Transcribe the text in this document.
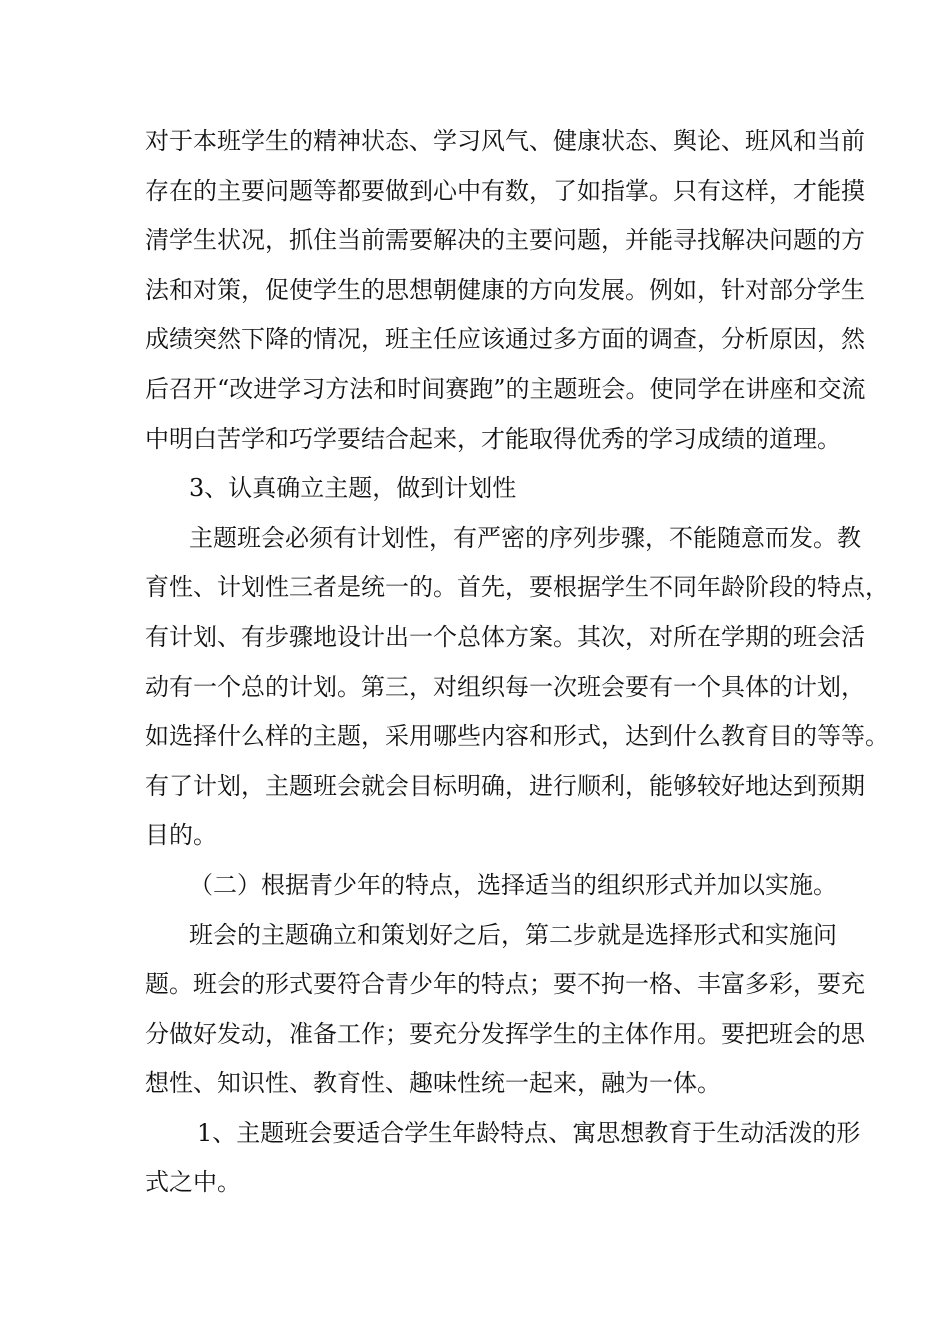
对于本班学生的精神状态、学习风气、健康状态、舆论、班风和当前

存在的主要问题等都要做到心中有数，了如指掌。只有这样，才能摸

清学生状况，抓住当前需要解决的主要问题，并能寻找解决问题的方

法和对策，促使学生的思想朝健康的方向发展。例如，针对部分学生

成绩突然下降的情况，班主任应该通过多方面的调查，分析原因，然

后召开“改进学习方法和时间赛跑”的主题班会。使同学在讲座和交流

中明白苦学和巧学要结合起来，才能取得优秀的学习成绩的道理。

3、认真确立主题，做到计划性

主题班会必须有计划性，有严密的序列步骤，不能随意而发。教

育性、计划性三者是统一的。首先，要根据学生不同年龄阶段的特点，

有计划、有步骤地设计出一个总体方案。其次，对所在学期的班会活

动有一个总的计划。第三，对组织每一次班会要有一个具体的计划，

如选择什么样的主题，采用哪些内容和形式，达到什么教育目的等等。

有了计划，主题班会就会目标明确，进行顺利，能够较好地达到预期

目的。

（二）根据青少年的特点，选择适当的组织形式并加以实施。

班会的主题确立和策划好之后，第二步就是选择形式和实施问

题。班会的形式要符合青少年的特点；要不拘一格、丰富多彩，要充

分做好发动，准备工作；要充分发挥学生的主体作用。要把班会的思

想性、知识性、教育性、趣味性统一起来，融为一体。

1、主题班会要适合学生年龄特点、寓思想教育于生动活泼的形

式之中。
